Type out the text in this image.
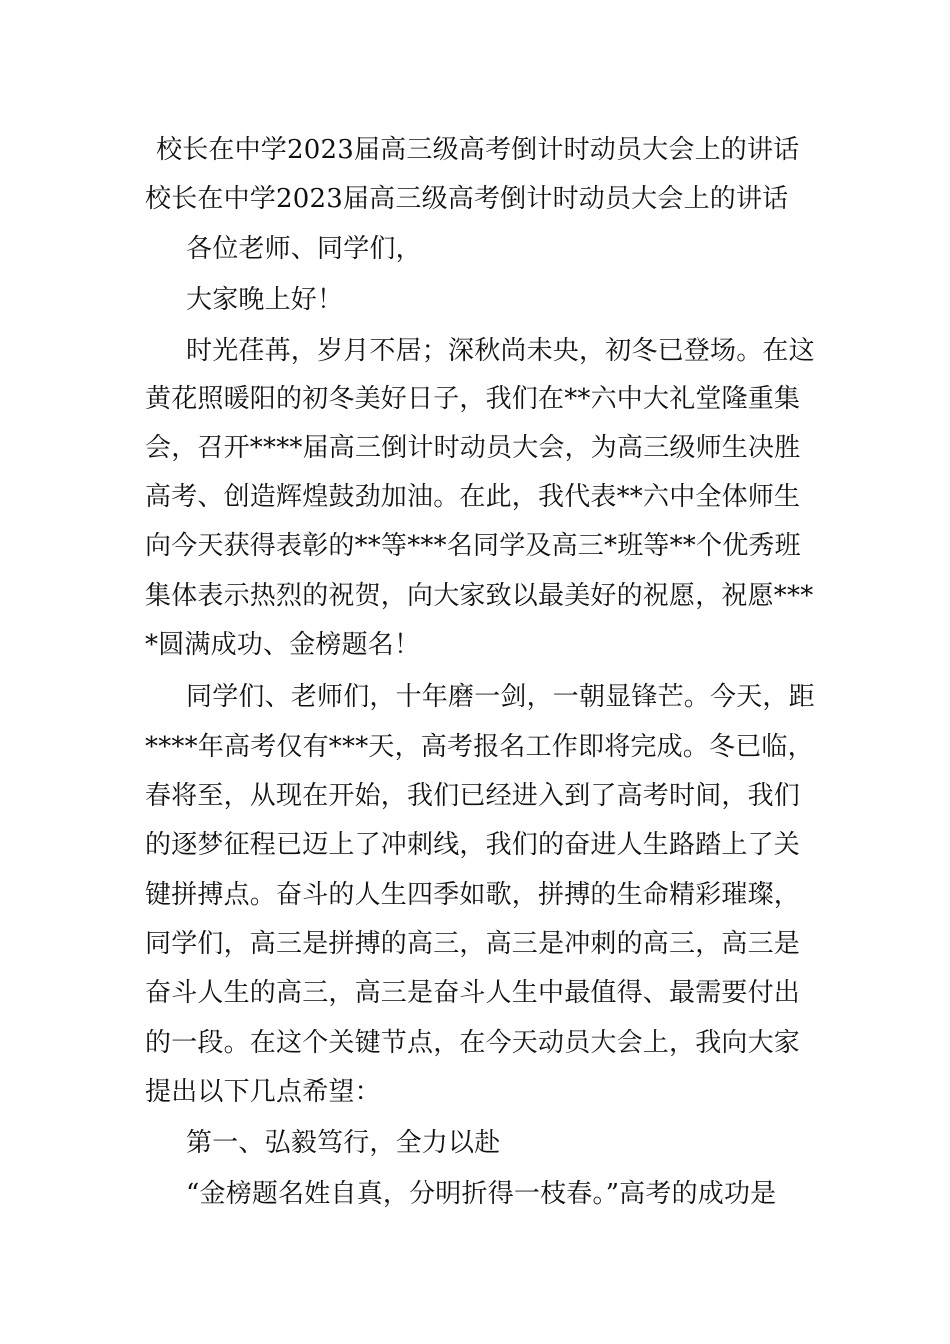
校长在中学2023届高三级高考倒计时动员大会上的讲话
校长在中学2023届高三级高考倒计时动员大会上的讲话
各位老师、同学们，
大家晚上好！
时光荏苒，岁月不居；深秋尚未央，初冬已登场。在这
黄花照暖阳的初冬美好日子，我们在**六中大礼堂隆重集
会，召开****届高三倒计时动员大会，为高三级师生决胜
高考、创造辉煌鼓劲加油。在此，我代表**六中全体师生
向今天获得表彰的**等***名同学及高三*班等**个优秀班
集体表示热烈的祝贺，向大家致以最美好的祝愿，祝愿***
*圆满成功、金榜题名！
同学们、老师们，十年磨一剑，一朝显锋芒。今天，距
****年高考仅有***天，高考报名工作即将完成。冬已临，
春将至，从现在开始，我们已经进入到了高考时间，我们
的逐梦征程已迈上了冲刺线，我们的奋进人生路踏上了关
键拼搏点。奋斗的人生四季如歌，拼搏的生命精彩璀璨，
同学们，高三是拼搏的高三，高三是冲刺的高三，高三是
奋斗人生的高三，高三是奋斗人生中最值得、最需要付出
的一段。在这个关键节点，在今天动员大会上，我向大家
提出以下几点希望：
第一、弘毅笃行，全力以赴
“金榜题名姓自真，分明折得一枝春。”高考的成功是
